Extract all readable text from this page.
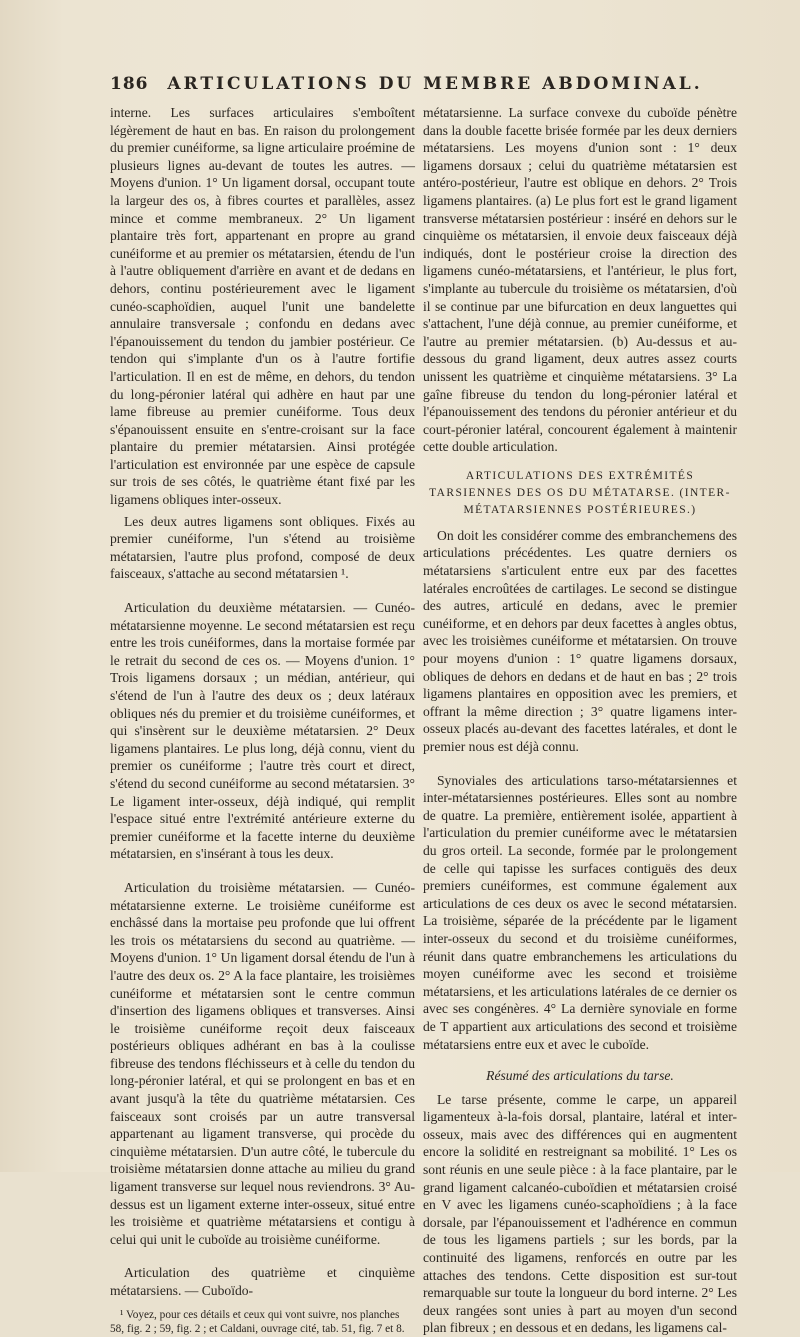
186	ARTICULATIONS DU MEMBRE ABDOMINAL.

interne. Les surfaces articulaires s'emboîtent légèrement de haut en bas. En raison du prolongement du premier cunéiforme, sa ligne articulaire proémine de plusieurs lignes au-devant de toutes les autres. — Moyens d'union. 1° Un ligament dorsal, occupant toute la largeur des os, à fibres courtes et parallèles, assez mince et comme membraneux. 2° Un ligament plantaire très fort, appartenant en propre au grand cunéiforme et au premier os métatarsien, étendu de l'un à l'autre obliquement d'arrière en avant et de dedans en dehors, continu postérieurement avec le ligament cunéo-scaphoïdien, auquel l'unit une bandelette annulaire transversale ; confondu en dedans avec l'épanouissement du tendon du jambier postérieur. Ce tendon qui s'implante d'un os à l'autre fortifie l'articulation. Il en est de même, en dehors, du tendon du long-péronier latéral qui adhère en haut par une lame fibreuse au premier cunéiforme. Tous deux s'épanouissent ensuite en s'entre-croisant sur la face plantaire du premier métatarsien. Ainsi protégée l'articulation est environnée par une espèce de capsule sur trois de ses côtés, le quatrième étant fixé par les ligamens obliques inter-osseux.

Les deux autres ligamens sont obliques. Fixés au premier cunéiforme, l'un s'étend au troisième métatarsien, l'autre plus profond, composé de deux faisceaux, s'attache au second métatarsien ¹.

Articulation du deuxième métatarsien. — Cunéo-métatarsienne moyenne. Le second métatarsien est reçu entre les trois cunéiformes, dans la mortaise formée par le retrait du second de ces os. — Moyens d'union. 1° Trois ligamens dorsaux ; un médian, antérieur, qui s'étend de l'un à l'autre des deux os ; deux latéraux obliques nés du premier et du troisième cunéiformes, et qui s'insèrent sur le deuxième métatarsien. 2° Deux ligamens plantaires. Le plus long, déjà connu, vient du premier os cunéiforme ; l'autre très court et direct, s'étend du second cunéiforme au second métatarsien. 3° Le ligament inter-osseux, déjà indiqué, qui remplit l'espace situé entre l'extrémité antérieure externe du premier cunéiforme et la facette interne du deuxième métatarsien, en s'insérant à tous les deux.

Articulation du troisième métatarsien. — Cunéo-métatarsienne externe. Le troisième cunéiforme est enchâssé dans la mortaise peu profonde que lui offrent les trois os métatarsiens du second au quatrième. — Moyens d'union. 1° Un ligament dorsal étendu de l'un à l'autre des deux os. 2° A la face plantaire, les troisièmes cunéiforme et métatarsien sont le centre commun d'insertion des ligamens obliques et transverses. Ainsi le troisième cunéiforme reçoit deux faisceaux postérieurs obliques adhérant en bas à la coulisse fibreuse des tendons fléchisseurs et à celle du tendon du long-péronier latéral, et qui se prolongent en bas et en avant jusqu'à la tête du quatrième métatarsien. Ces faisceaux sont croisés par un autre transversal appartenant au ligament transverse, qui procède du cinquième métatarsien. D'un autre côté, le tubercule du troisième métatarsien donne attache au milieu du grand ligament transverse sur lequel nous reviendrons. 3° Au-dessus est un ligament externe inter-osseux, situé entre les troisième et quatrième métatarsiens et contigu à celui qui unit le cuboïde au troisième cunéiforme.

Articulation des quatrième et cinquième métatarsiens. — Cuboïdo-

¹ Voyez, pour ces détails et ceux qui vont suivre, nos planches 58, fig. 2 ; 59, fig. 2 ; et Caldani, ouvrage cité, tab. 51, fig. 7 et 8.

métatarsienne. La surface convexe du cuboïde pénètre dans la double facette brisée formée par les deux derniers métatarsiens. Les moyens d'union sont : 1° deux ligamens dorsaux ; celui du quatrième métatarsien est antéro-postérieur, l'autre est oblique en dehors. 2° Trois ligamens plantaires. (a) Le plus fort est le grand ligament transverse métatarsien postérieur : inséré en dehors sur le cinquième os métatarsien, il envoie deux faisceaux déjà indiqués, dont le postérieur croise la direction des ligamens cunéo-métatarsiens, et l'antérieur, le plus fort, s'implante au tubercule du troisième os métatarsien, d'où il se continue par une bifurcation en deux languettes qui s'attachent, l'une déjà connue, au premier cunéiforme, et l'autre au premier métatarsien. (b) Au-dessus et au-dessous du grand ligament, deux autres assez courts unissent les quatrième et cinquième métatarsiens. 3° La gaîne fibreuse du tendon du long-péronier latéral et l'épanouissement des tendons du péronier antérieur et du court-péronier latéral, concourent également à maintenir cette double articulation.

ARTICULATIONS DES EXTRÉMITÉS TARSIENNES DES OS DU MÉTATARSE. (INTER-MÉTATARSIENNES POSTÉRIEURES.)

On doit les considérer comme des embranchemens des articulations précédentes. Les quatre derniers os métatarsiens s'articulent entre eux par des facettes latérales encroûtées de cartilages. Le second se distingue des autres, articulé en dedans, avec le premier cunéiforme, et en dehors par deux facettes à angles obtus, avec les troisièmes cunéiforme et métatarsien. On trouve pour moyens d'union : 1° quatre ligamens dorsaux, obliques de dehors en dedans et de haut en bas ; 2° trois ligamens plantaires en opposition avec les premiers, et offrant la même direction ; 3° quatre ligamens inter-osseux placés au-devant des facettes latérales, et dont le premier nous est déjà connu.

Synoviales des articulations tarso-métatarsiennes et inter-métatarsiennes postérieures. Elles sont au nombre de quatre. La première, entièrement isolée, appartient à l'articulation du premier cunéiforme avec le métatarsien du gros orteil. La seconde, formée par le prolongement de celle qui tapisse les surfaces contiguës des deux premiers cunéiformes, est commune également aux articulations de ces deux os avec le second métatarsien. La troisième, séparée de la précédente par le ligament inter-osseux du second et du troisième cunéiformes, réunit dans quatre embranchemens les articulations du moyen cunéiforme avec les second et troisième métatarsiens, et les articulations latérales de ce dernier os avec ses congénères. 4° La dernière synoviale en forme de T appartient aux articulations des second et troisième métatarsiens entre eux et avec le cuboïde.

Résumé des articulations du tarse.

Le tarse présente, comme le carpe, un appareil ligamenteux à-la-fois dorsal, plantaire, latéral et inter-osseux, mais avec des différences qui en augmentent encore la solidité en restreignant sa mobilité. 1° Les os sont réunis en une seule pièce : à la face plantaire, par le grand ligament calcanéo-cuboïdien et métatarsien croisé en V avec les ligamens cunéo-scaphoïdiens ; à la face dorsale, par l'épanouissement et l'adhérence en commun de tous les ligamens partiels ; sur les bords, par la continuité des ligamens, renforcés en outre par les attaches des tendons. Cette disposition est sur-tout remarquable sur toute la longueur du bord interne. 2° Les deux rangées sont unies à part au moyen d'un second plan fibreux ; en dessous et en dedans, les ligamens cal-
